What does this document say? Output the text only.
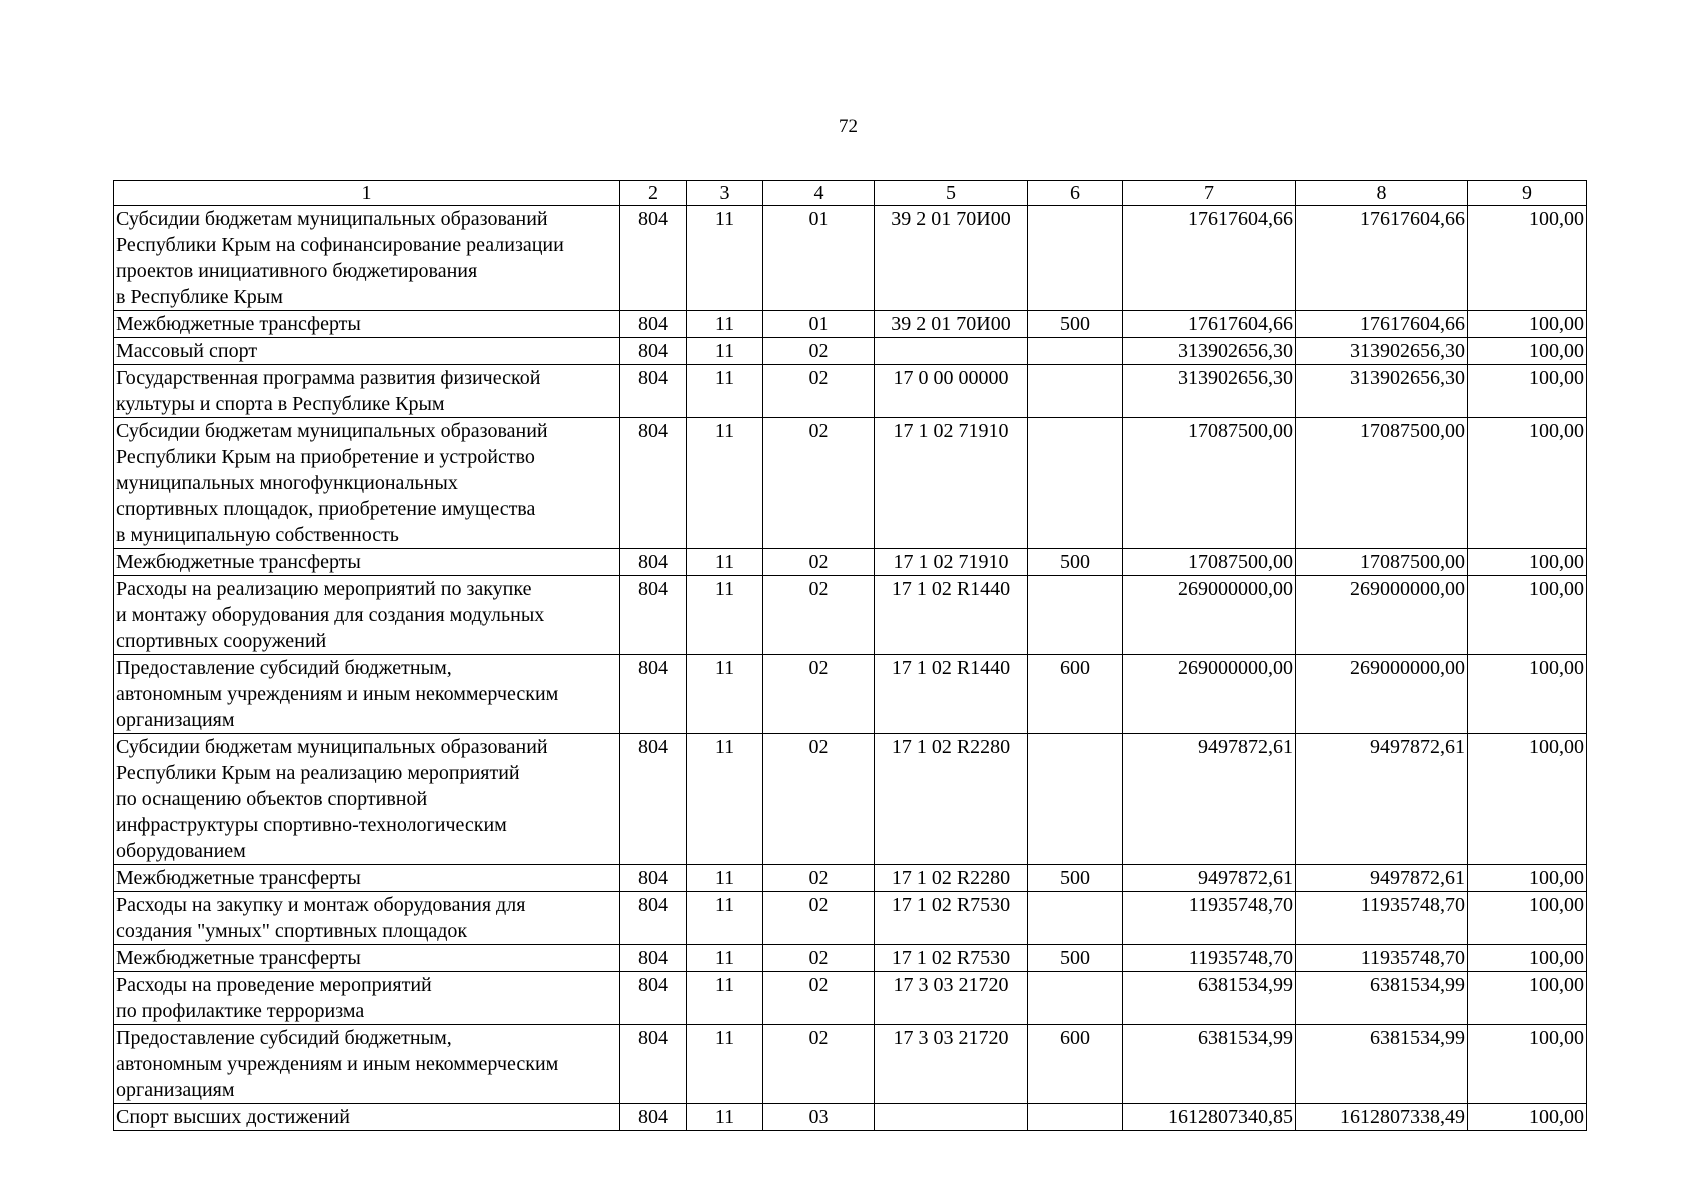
72
1	2	3	4	5	6	7	8	9
Субсидии бюджетам муниципальных образований
Республики Крым на софинансирование реализации
проектов инициативного бюджетирования
в Республике Крым	804	11	01	39 2 01 70И00		17617604,66	17617604,66	100,00
Межбюджетные трансферты	804	11	01	39 2 01 70И00	500	17617604,66	17617604,66	100,00
Массовый спорт	804	11	02			313902656,30	313902656,30	100,00
Государственная программа развития физической
культуры и спорта в Республике Крым	804	11	02	17 0 00 00000		313902656,30	313902656,30	100,00
Субсидии бюджетам муниципальных образований
Республики Крым на приобретение и устройство
муниципальных многофункциональных
спортивных площадок, приобретение имущества
в муниципальную собственность	804	11	02	17 1 02 71910		17087500,00	17087500,00	100,00
Межбюджетные трансферты	804	11	02	17 1 02 71910	500	17087500,00	17087500,00	100,00
Расходы на реализацию мероприятий по закупке
и монтажу оборудования для создания модульных
спортивных сооружений	804	11	02	17 1 02 R1440		269000000,00	269000000,00	100,00
Предоставление субсидий бюджетным,
автономным учреждениям и иным некоммерческим
организациям	804	11	02	17 1 02 R1440	600	269000000,00	269000000,00	100,00
Субсидии бюджетам муниципальных образований
Республики Крым на реализацию мероприятий
по оснащению объектов спортивной
инфраструктуры спортивно-технологическим
оборудованием	804	11	02	17 1 02 R2280		9497872,61	9497872,61	100,00
Межбюджетные трансферты	804	11	02	17 1 02 R2280	500	9497872,61	9497872,61	100,00
Расходы на закупку и монтаж оборудования для
создания "умных" спортивных площадок	804	11	02	17 1 02 R7530		11935748,70	11935748,70	100,00
Межбюджетные трансферты	804	11	02	17 1 02 R7530	500	11935748,70	11935748,70	100,00
Расходы на проведение мероприятий
по профилактике терроризма	804	11	02	17 3 03 21720		6381534,99	6381534,99	100,00
Предоставление субсидий бюджетным,
автономным учреждениям и иным некоммерческим
организациям	804	11	02	17 3 03 21720	600	6381534,99	6381534,99	100,00
Спорт высших достижений	804	11	03			1612807340,85	1612807338,49	100,00
